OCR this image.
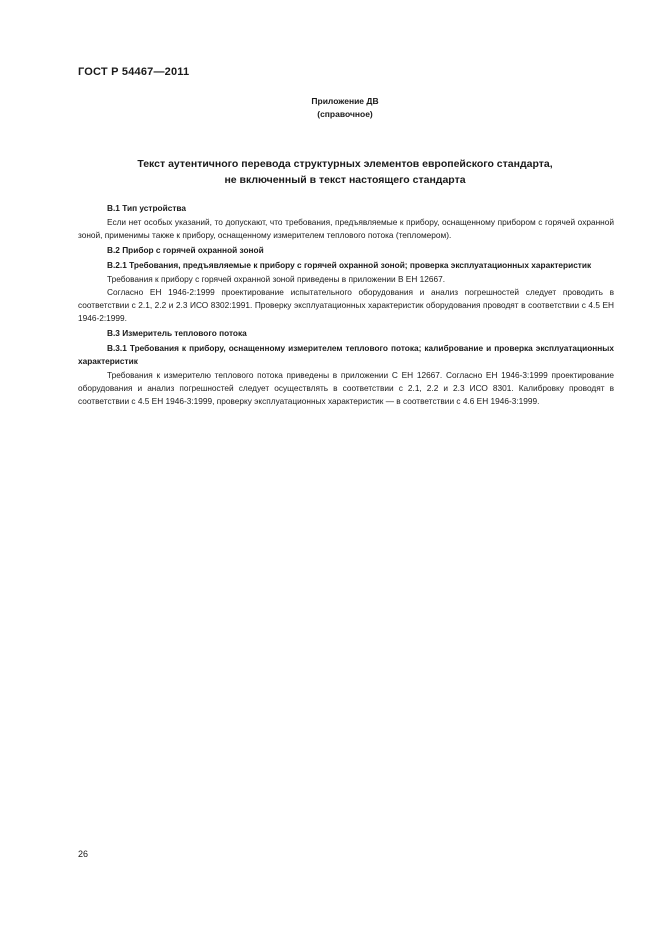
ГОСТ Р 54467—2011
Приложение ДВ
(справочное)
Текст аутентичного перевода структурных элементов европейского стандарта,
не включенный в текст настоящего стандарта

В.1 Тип устройства

Если нет особых указаний, то допускают, что требования, предъявляемые к прибору, оснащенному прибором с горячей охранной зоной, применимы также к прибору, оснащенному измерителем теплового потока (тепломером).

В.2 Прибор с горячей охранной зоной

В.2.1 Требования, предъявляемые к прибору с горячей охранной зоной; проверка эксплуатационных характеристик

Требования к прибору с горячей охранной зоной приведены в приложении В ЕН 12667.

Согласно ЕН 1946-2:1999 проектирование испытательного оборудования и анализ погрешностей следует проводить в соответствии с 2.1, 2.2 и 2.3 ИСО 8302:1991. Проверку эксплуатационных характеристик оборудования проводят в соответствии с 4.5 ЕН 1946-2:1999.

В.3 Измеритель теплового потока

В.3.1 Требования к прибору, оснащенному измерителем теплового потока; калибрование и проверка эксплуатационных характеристик

Требования к измерителю теплового потока приведены в приложении С ЕН 12667. Согласно ЕН 1946-3:1999 проектирование оборудования и анализ погрешностей следует осуществлять в соответствии с 2.1, 2.2 и 2.3 ИСО 8301. Калибровку проводят в соответствии с 4.5 ЕН 1946-3:1999, проверку эксплуатационных характеристик — в соответствии с 4.6 ЕН 1946-3:1999.

26
